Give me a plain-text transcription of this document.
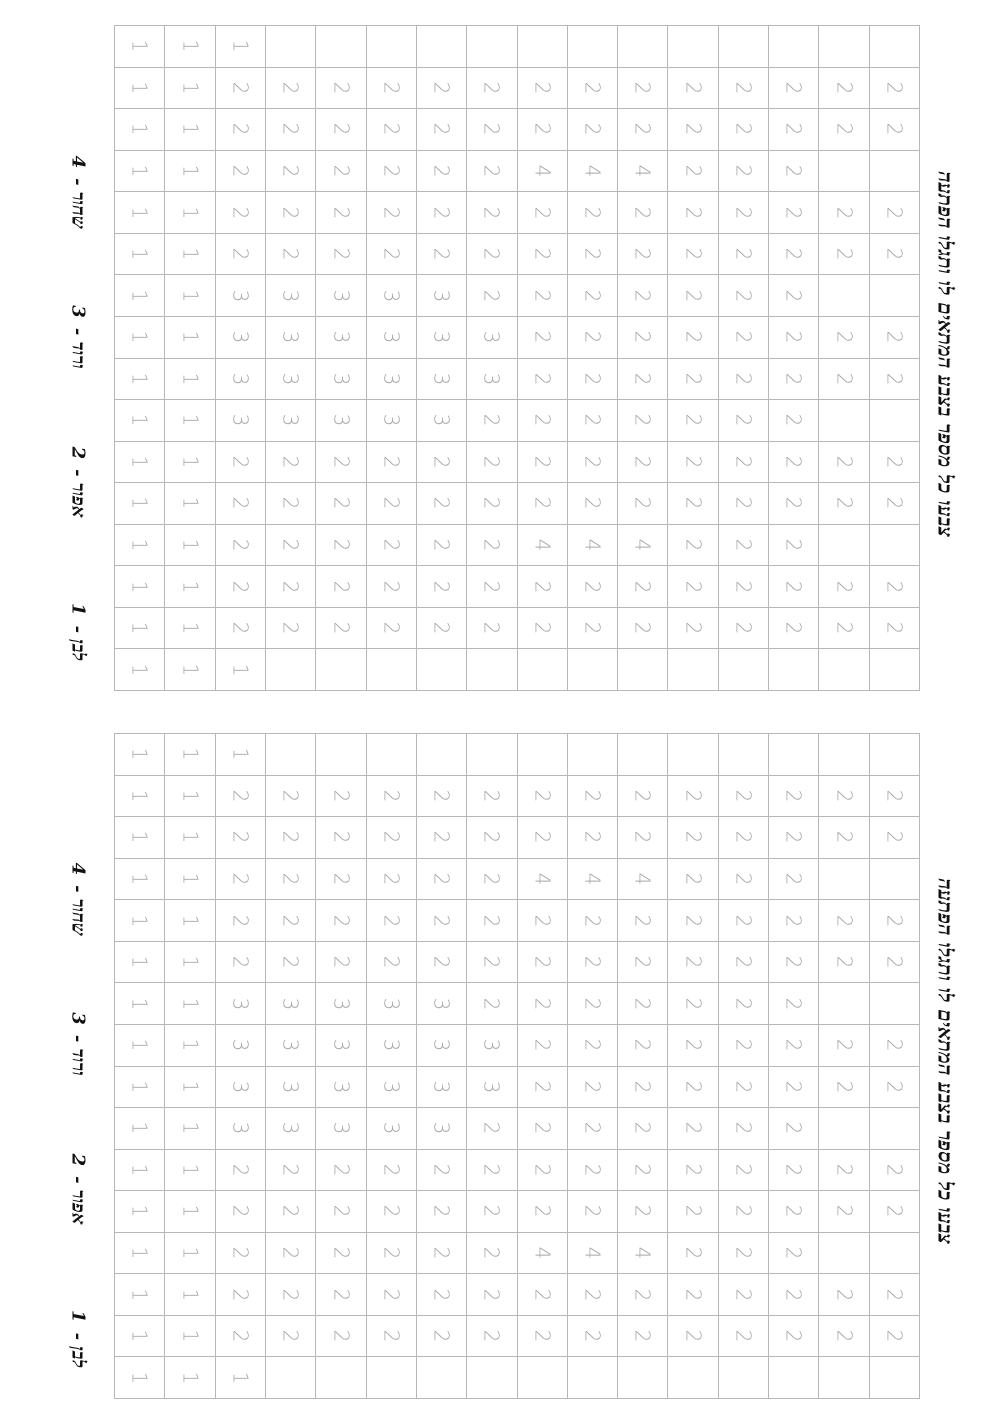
1 1 1
1 1 2 2 2 2 2 2 2 2 2 2 2 2 2 2
1 1 2 2 2 2 2 2 2 2 2 2 2 2 2 2
1 1 2 2 2 2 2 2 4 4 4 2 2 2
1 1 2 2 2 2 2 2 2 2 2 2 2 2 2 2
1 1 2 2 2 2 2 2 2 2 2 2 2 2 2 2
1 1 3 3 3 3 3 2 2 2 2 2 2 2
1 1 3 3 3 3 3 3 2 2 2 2 2 2 2 2
1 1 3 3 3 3 3 3 2 2 2 2 2 2 2 2
1 1 3 3 3 3 3 2 2 2 2 2 2 2
1 1 2 2 2 2 2 2 2 2 2 2 2 2 2 2
1 1 2 2 2 2 2 2 2 2 2 2 2 2 2 2
1 1 2 2 2 2 2 2 4 4 4 2 2 2
1 1 2 2 2 2 2 2 2 2 2 2 2 2 2 2
1 1 2 2 2 2 2 2 2 2 2 2 2 2 2 2
1 1 1
צבעו כל מספר בצבע המתאים לו ותגלו הפתעה
1-לבן
2-אפור
3-ורוד
4-שחור
1 1 1
1 1 2 2 2 2 2 2 2 2 2 2 2 2 2 2
1 1 2 2 2 2 2 2 2 2 2 2 2 2 2 2
1 1 2 2 2 2 2 2 4 4 4 2 2 2
1 1 2 2 2 2 2 2 2 2 2 2 2 2 2 2
1 1 2 2 2 2 2 2 2 2 2 2 2 2 2 2
1 1 3 3 3 3 3 2 2 2 2 2 2 2
1 1 3 3 3 3 3 3 2 2 2 2 2 2 2 2
1 1 3 3 3 3 3 3 2 2 2 2 2 2 2 2
1 1 3 3 3 3 3 2 2 2 2 2 2 2
1 1 2 2 2 2 2 2 2 2 2 2 2 2 2 2
1 1 2 2 2 2 2 2 2 2 2 2 2 2 2 2
1 1 2 2 2 2 2 2 4 4 4 2 2 2
1 1 2 2 2 2 2 2 2 2 2 2 2 2 2 2
1 1 2 2 2 2 2 2 2 2 2 2 2 2 2 2
1 1 1
צבעו כל מספר בצבע המתאים לו ותגלו הפתעה
1-לבן
2-אפור
3-ורוד
4-שחור
